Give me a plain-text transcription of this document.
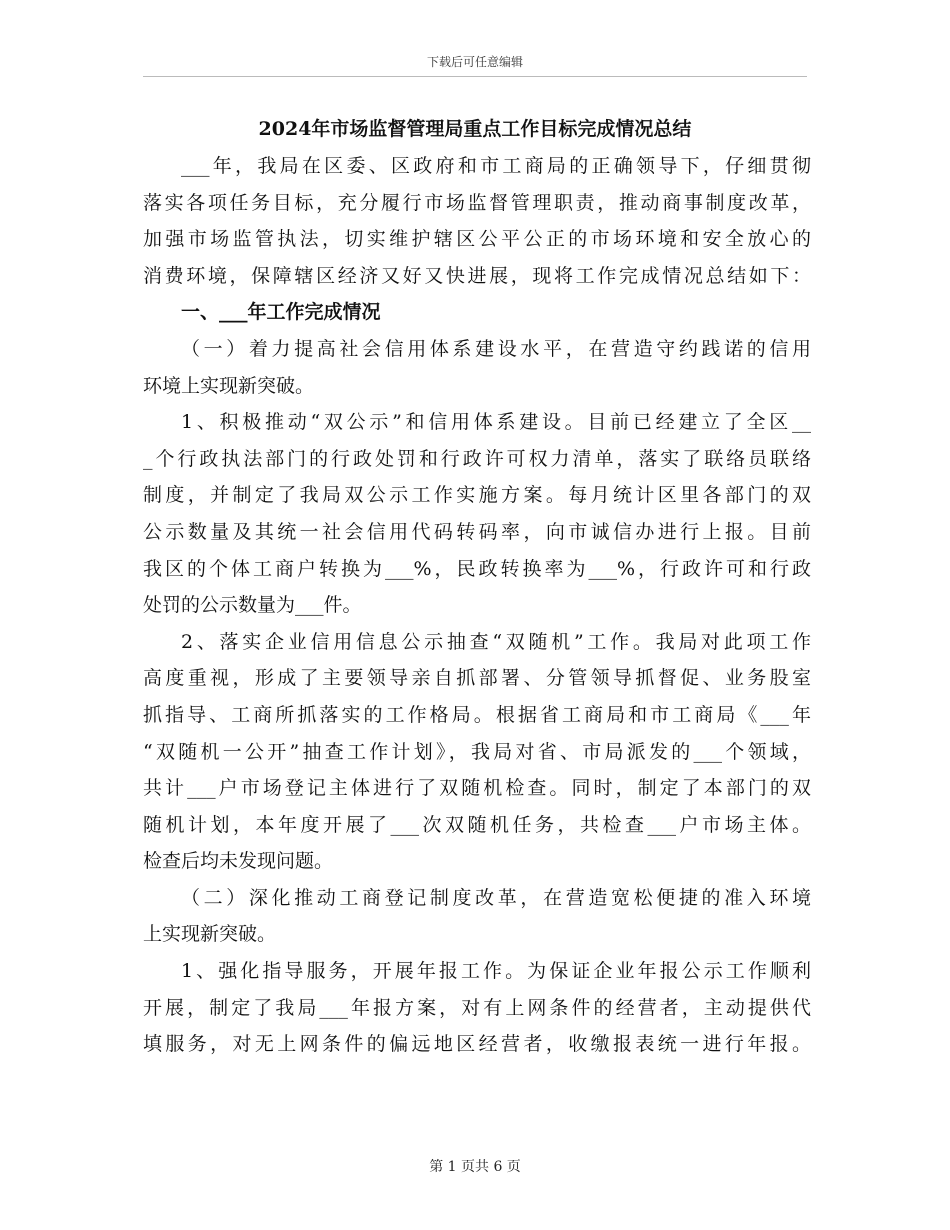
下载后可任意编辑
2024年市场监督管理局重点工作目标完成情况总结
___年，我局在区委、区政府和市工商局的正确领导下，仔细贯彻
落实各项任务目标，充分履行市场监督管理职责，推动商事制度改革，
加强市场监管执法，切实维护辖区公平公正的市场环境和安全放心的
消费环境，保障辖区经济又好又快进展，现将工作完成情况总结如下：
一、___年工作完成情况
（一）着力提高社会信用体系建设水平，在营造守约践诺的信用
环境上实现新突破。
1、积极推动“双公示”和信用体系建设。目前已经建立了全区__
_个行政执法部门的行政处罚和行政许可权力清单，落实了联络员联络
制度，并制定了我局双公示工作实施方案。每月统计区里各部门的双
公示数量及其统一社会信用代码转码率，向市诚信办进行上报。目前
我区的个体工商户转换为___%，民政转换率为___%，行政许可和行政
处罚的公示数量为___件。
2、落实企业信用信息公示抽查“双随机”工作。我局对此项工作
高度重视，形成了主要领导亲自抓部署、分管领导抓督促、业务股室
抓指导、工商所抓落实的工作格局。根据省工商局和市工商局《___年
“双随机一公开”抽查工作计划》，我局对省、市局派发的___个领域，
共计___户市场登记主体进行了双随机检查。同时，制定了本部门的双
随机计划，本年度开展了___次双随机任务，共检查___户市场主体。
检查后均未发现问题。
（二）深化推动工商登记制度改革，在营造宽松便捷的准入环境
上实现新突破。
1、强化指导服务，开展年报工作。为保证企业年报公示工作顺利
开展，制定了我局___年报方案，对有上网条件的经营者，主动提供代
填服务，对无上网条件的偏远地区经营者，收缴报表统一进行年报。
第 1 页共 6 页
